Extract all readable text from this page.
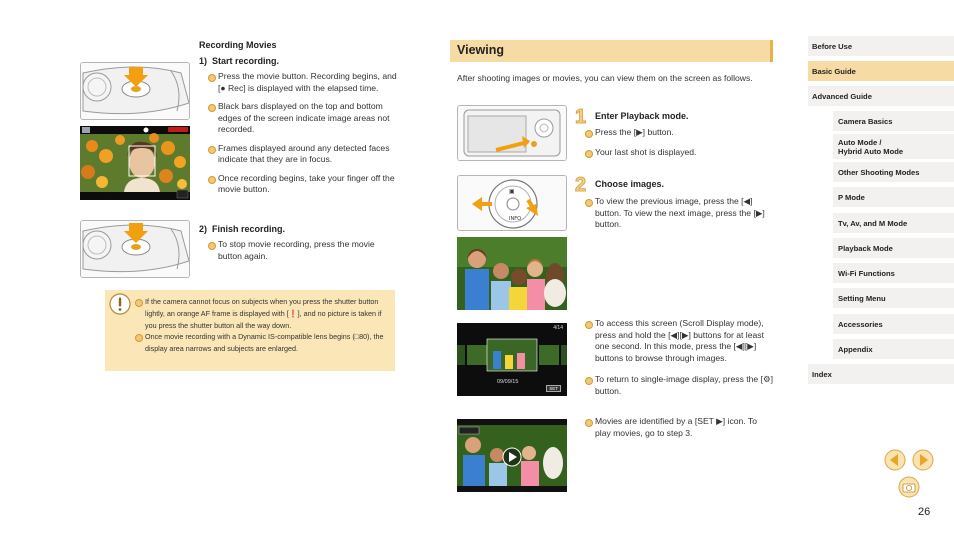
Recording Movies
1)  Start recording.
Press the movie button. Recording begins, and [● Rec] is displayed with the elapsed time.
Black bars displayed on the top and bottom edges of the screen indicate image areas not recorded.
Frames displayed around any detected faces indicate that they are in focus.
Once recording begins, take your finger off the movie button.
2)  Finish recording.
To stop movie recording, press the movie button again.
If the camera cannot focus on subjects when you press the shutter button lightly, an orange AF frame is displayed with [❗], and no picture is taken if you press the shutter button all the way down.
Once movie recording with a Dynamic IS-compatible lens begins (□80), the display area narrows and subjects are enlarged.
Viewing
After shooting images or movies, you can view them on the screen as follows.
1 Enter Playback mode.
Press the [▶] button.
Your last shot is displayed.
▣
INFO
2 Choose images.
To view the previous image, press the [◀] button. To view the next image, press the [▶] button.
4/14
09/09/15
SET
To access this screen (Scroll Display mode), press and hold the [◀][▶] buttons for at least one second. In this mode, press the [◀][▶] buttons to browse through images.
To return to single-image display, press the [⚙] button.
Movies are identified by a [SET ▶] icon. To play movies, go to step 3.
Before Use
Basic Guide
Advanced Guide
Camera Basics
Auto Mode /
Hybrid Auto Mode
Other Shooting Modes
P Mode
Tv, Av, and M Mode
Playback Mode
Wi-Fi Functions
Setting Menu
Accessories
Appendix
Index
26
